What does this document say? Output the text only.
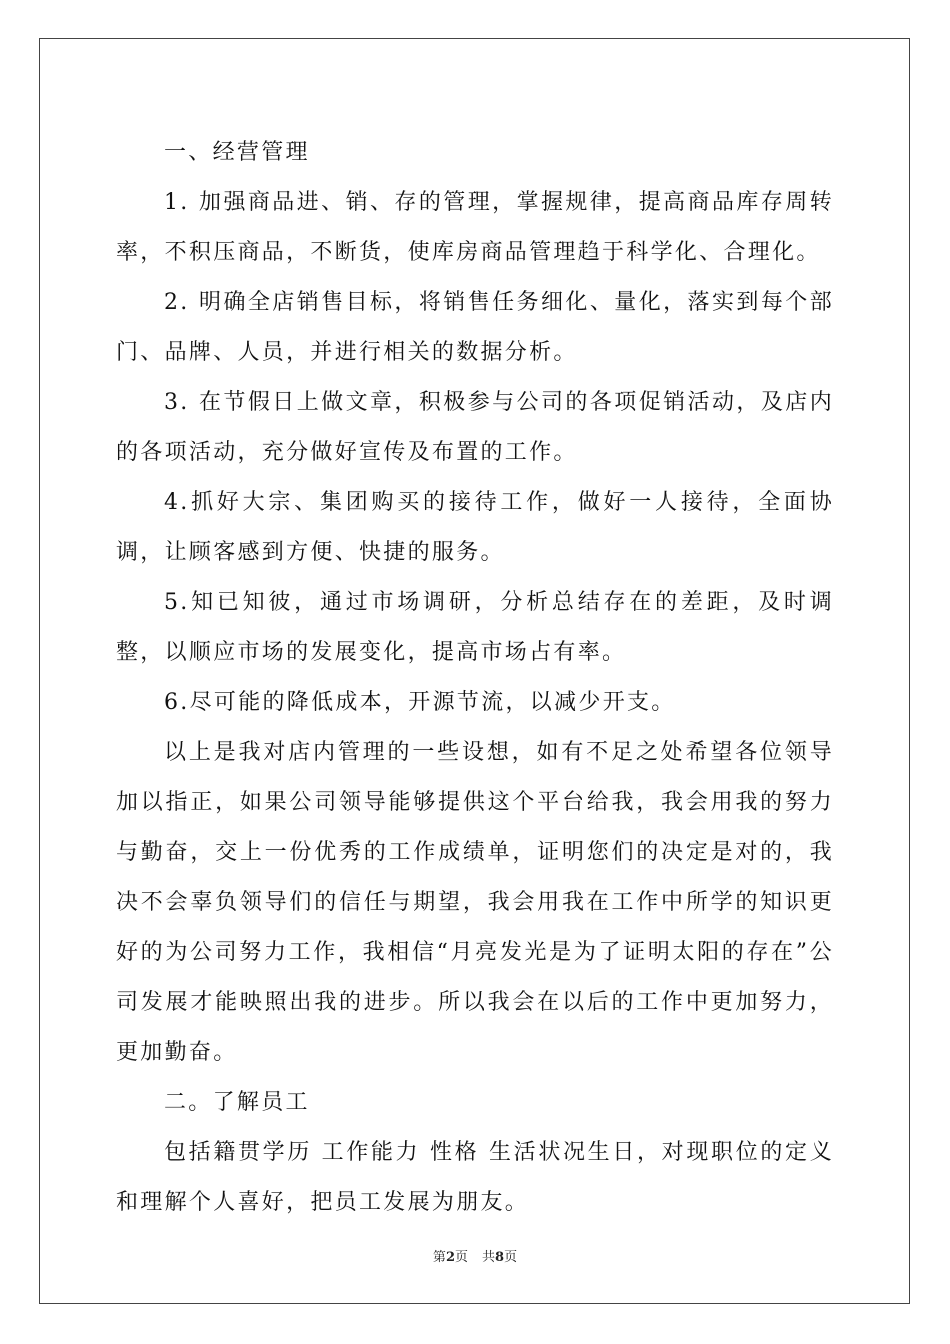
一、经营管理

1. 加强商品进、销、存的管理，掌握规律，提高商品库存周转率，不积压商品，不断货，使库房商品管理趋于科学化、合理化。

2. 明确全店销售目标，将销售任务细化、量化，落实到每个部门、品牌、人员，并进行相关的数据分析。

3. 在节假日上做文章，积极参与公司的各项促销活动，及店内的各项活动，充分做好宣传及布置的工作。

4.抓好大宗、集团购买的接待工作，做好一人接待，全面协调，让顾客感到方便、快捷的服务。

5.知已知彼，通过市场调研，分析总结存在的差距，及时调整，以顺应市场的发展变化，提高市场占有率。

6.尽可能的降低成本，开源节流，以减少开支。

以上是我对店内管理的一些设想，如有不足之处希望各位领导加以指正，如果公司领导能够提供这个平台给我，我会用我的努力与勤奋，交上一份优秀的工作成绩单，证明您们的决定是对的，我决不会辜负领导们的信任与期望，我会用我在工作中所学的知识更好的为公司努力工作，我相信“月亮发光是为了证明太阳的存在”公司发展才能映照出我的进步。所以我会在以后的工作中更加努力，更加勤奋。

二。了解员工

包括籍贯学历 工作能力 性格 生活状况生日，对现职位的定义和理解个人喜好，把员工发展为朋友。

第2页 共8页
